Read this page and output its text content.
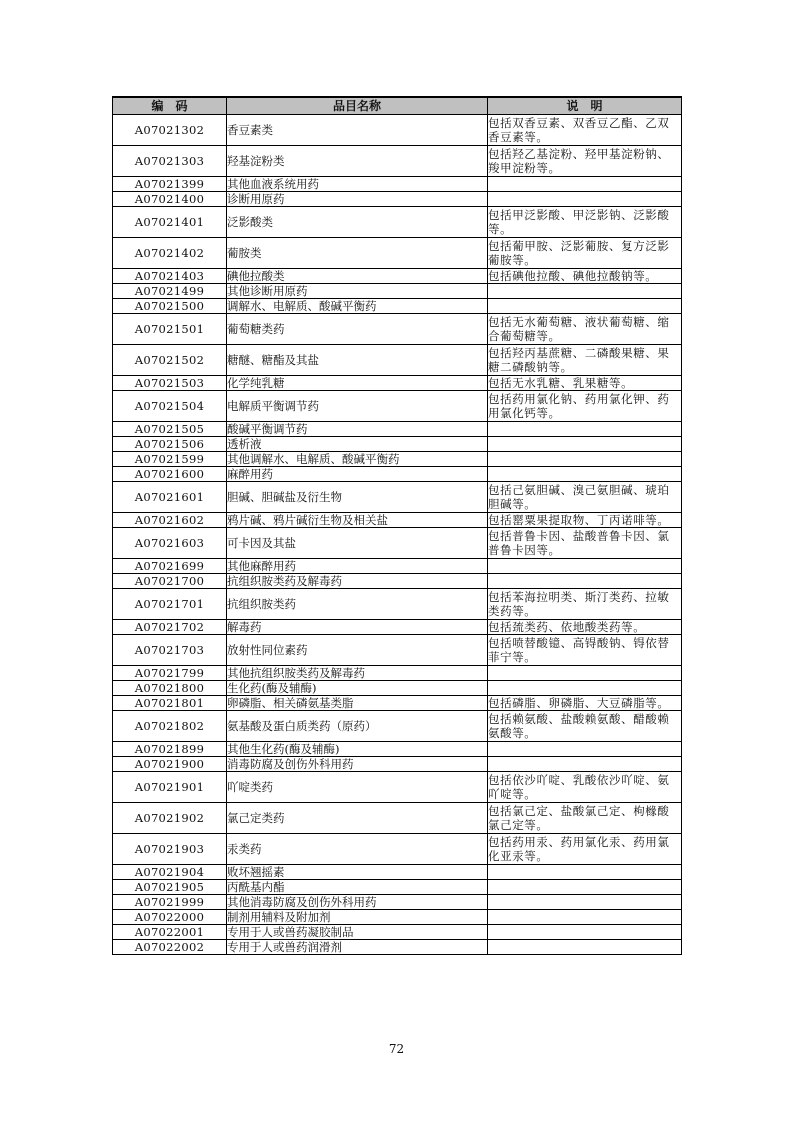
编　码	品目名称	说　明
A07021302	香豆素类	包括双香豆素、双香豆乙酯、乙双
香豆素等。

A07021303	羟基淀粉类	包括羟乙基淀粉、羟甲基淀粉钠、
羧甲淀粉等。

A07021399	其他血液系统用药	
A07021400	诊断用原药	
A07021401	泛影酸类	包括甲泛影酸、甲泛影钠、泛影酸
等。

A07021402	葡胺类	包括葡甲胺、泛影葡胺、复方泛影
葡胺等。

A07021403	碘他拉酸类	包括碘他拉酸、碘他拉酸钠等。

A07021499	其他诊断用原药	
A07021500	调解水、电解质、酸碱平衡药	
A07021501	葡萄糖类药	包括无水葡萄糖、液状葡萄糖、缩
合葡萄糖等。

A07021502	糖醚、糖酯及其盐	包括羟丙基蔗糖、二磷酸果糖、果
糖二磷酸钠等。

A07021503	化学纯乳糖	包括无水乳糖、乳果糖等。

A07021504	电解质平衡调节药	包括药用氯化钠、药用氯化钾、药
用氯化钙等。

A07021505	酸碱平衡调节药	
A07021506	透析液	
A07021599	其他调解水、电解质、酸碱平衡药	
A07021600	麻醉用药	
A07021601	胆碱、胆碱盐及衍生物	包括己氨胆碱、溴己氨胆碱、琥珀
胆碱等。

A07021602	鸦片碱、鸦片碱衍生物及相关盐	包括罂粟果提取物、丁丙诺啡等。

A07021603	可卡因及其盐	包括普鲁卡因、盐酸普鲁卡因、氯
普鲁卡因等。

A07021699	其他麻醉用药	
A07021700	抗组织胺类药及解毒药	
A07021701	抗组织胺类药	包括苯海拉明类、斯汀类药、拉敏
类药等。

A07021702	解毒药	包括巯类药、依地酸类药等。

A07021703	放射性同位素药	包括喷替酸镱、高锝酸钠、锝依替
菲宁等。

A07021799	其他抗组织胺类药及解毒药	
A07021800	生化药(酶及辅酶)	
A07021801	卵磷脂、相关磷氨基类脂	包括磷脂、卵磷脂、大豆磷脂等。

A07021802	氨基酸及蛋白质类药（原药）	包括赖氨酸、盐酸赖氨酸、醋酸赖
氨酸等。

A07021899	其他生化药(酶及辅酶)	
A07021900	消毒防腐及创伤外科用药	
A07021901	吖啶类药	包括依沙吖啶、乳酸依沙吖啶、氨
吖啶等。

A07021902	氯己定类药	包括氯己定、盐酸氯己定、枸橼酸
氯己定等。

A07021903	汞类药	包括药用汞、药用氯化汞、药用氯
化亚汞等。

A07021904	败坏翘摇素	
A07021905	丙酰基内酯	
A07021999	其他消毒防腐及创伤外科用药	
A07022000	制剂用辅料及附加剂	
A07022001	专用于人或兽药凝胶制品	
A07022002	专用于人或兽药润滑剂	
72
